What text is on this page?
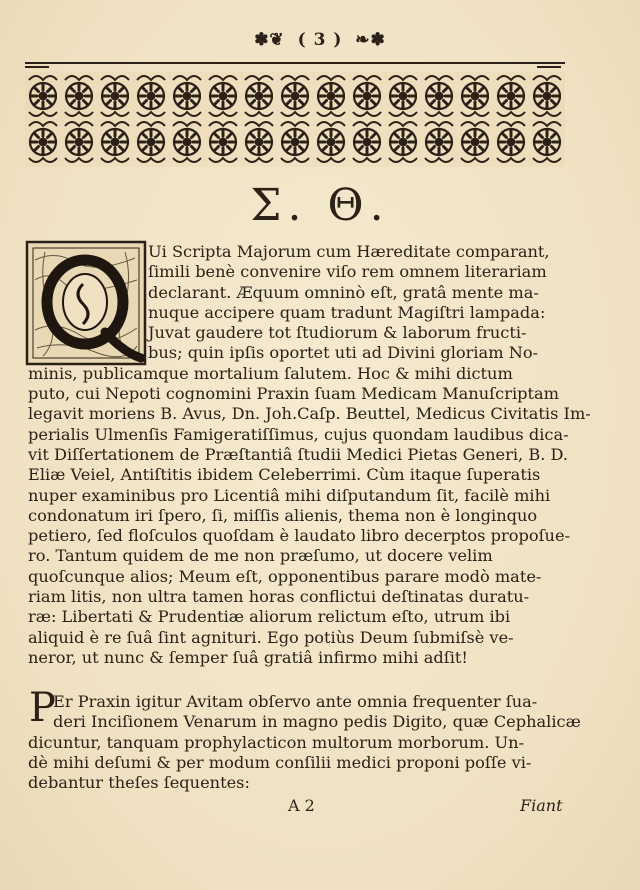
✽❦ ( 3 ) ❧✽
Σ. Θ.
Ui Scripta Majorum cum Hæreditate comparant,
ſimili benè convenire viſo rem omnem literariam
declarant. Æquum omninò eſt, gratâ mente ma-
nuque accipere quam tradunt Magiſtri lampada:
Juvat gaudere tot ſtudiorum & laborum fructi-
bus; quin ipſis oportet uti ad Divini gloriam No-
minis, publicamque mortalium ſalutem. Hoc & mihi dictum
puto, cui Nepoti cognomini Praxin ſuam Medicam Manuſcriptam
legavit moriens B. Avus, Dn. Joh.Caſp. Beuttel, Medicus Civitatis Im-
perialis Ulmenſis Famigeratiſſimus, cujus quondam laudibus dica-
vit Diſſertationem de Præſtantiâ ſtudii Medici Pietas Generi, B. D.
Eliæ Veiel, Antiſtitis ibidem Celeberrimi. Cùm itaque ſuperatis
nuper examinibus pro Licentiâ mihi diſputandum ſit, facilè mihi
condonatum iri ſpero, ſi, miſſis alienis, thema non è longinquo
petiero, ſed floſculos quoſdam è laudato libro decerptos propoſue-
ro. Tantum quidem de me non præſumo, ut docere velim
quoſcunque alios; Meum eſt, opponentibus parare modò mate-
riam litis, non ultra tamen horas conflictui deſtinatas duratu-
ræ: Libertati & Prudentiæ aliorum relictum eſto, utrum ibi
aliquid è re ſuâ ſint agnituri. Ego potiùs Deum ſubmiſsè ve-
neror, ut nunc & ſemper ſuâ gratiâ infirmo mihi adſit!
P
Er Praxin igitur Avitam obſervo ante omnia frequenter ſua-
deri Inciſionem Venarum in magno pedis Digito, quæ Cephalicæ
dicuntur, tanquam prophylacticon multorum morborum. Un-
dè mihi deſumi & per modum conſilii medici proponi poſſe vi-
debantur theſes ſequentes:
A 2	Fiant
